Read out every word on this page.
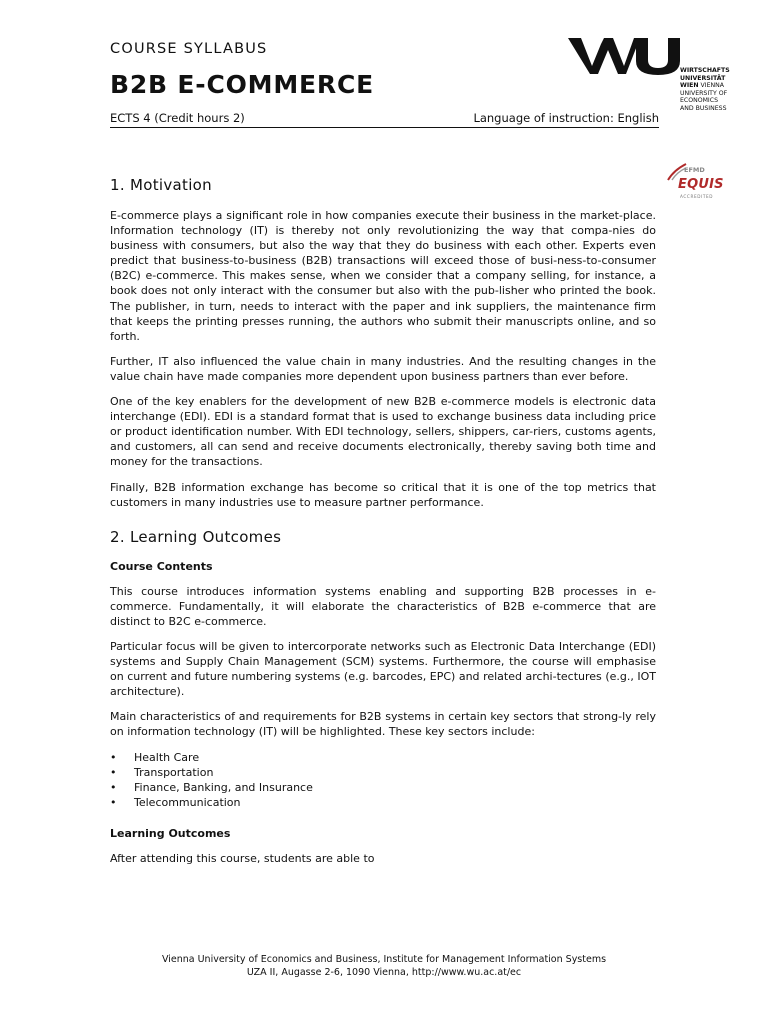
COURSE SYLLABUS
B2B E-COMMERCE
ECTS 4 (Credit hours 2)	Language of instruction: English
WIRTSCHAFTS
UNIVERSITÄT
WIEN VIENNA
UNIVERSITY OF
ECONOMICS
AND BUSINESS
EFMD
EQUIS
ACCREDITED
1. Motivation

E-commerce plays a significant role in how companies execute their business in the market-place. Information technology (IT) is thereby not only revolutionizing the way that compa-nies do business with consumers, but also the way that they do business with each other. Experts even predict that business-to-business (B2B) transactions will exceed those of busi-ness-to-consumer (B2C) e-commerce. This makes sense, when we consider that a company selling, for instance, a book does not only interact with the consumer but also with the pub-lisher who printed the book. The publisher, in turn, needs to interact with the paper and ink suppliers, the maintenance firm that keeps the printing presses running, the authors who submit their manuscripts online, and so forth.

Further, IT also influenced the value chain in many industries. And the resulting changes in the value chain have made companies more dependent upon business partners than ever before.

One of the key enablers for the development of new B2B e-commerce models is electronic data interchange (EDI). EDI is a standard format that is used to exchange business data including price or product identification number. With EDI technology, sellers, shippers, car-riers, customs agents, and customers, all can send and receive documents electronically, thereby saving both time and money for the transactions.

Finally, B2B information exchange has become so critical that it is one of the top metrics that customers in many industries use to measure partner performance.

2. Learning Outcomes
Course Contents

This course introduces information systems enabling and supporting B2B processes in e-commerce. Fundamentally, it will elaborate the characteristics of B2B e-commerce that are distinct to B2C e-commerce.

Particular focus will be given to intercorporate networks such as Electronic Data Interchange (EDI) systems and Supply Chain Management (SCM) systems. Furthermore, the course will emphasise on current and future numbering systems (e.g. barcodes, EPC) and related archi-tectures (e.g., IOT architecture).

Main characteristics of and requirements for B2B systems in certain key sectors that strong-ly rely on information technology (IT) will be highlighted. These key sectors include:

• Health Care
• Transportation
• Finance, Banking, and Insurance
• Telecommunication
Learning Outcomes

After attending this course, students are able to

Vienna University of Economics and Business, Institute for Management Information Systems
UZA II, Augasse 2-6, 1090 Vienna, http://www.wu.ac.at/ec
